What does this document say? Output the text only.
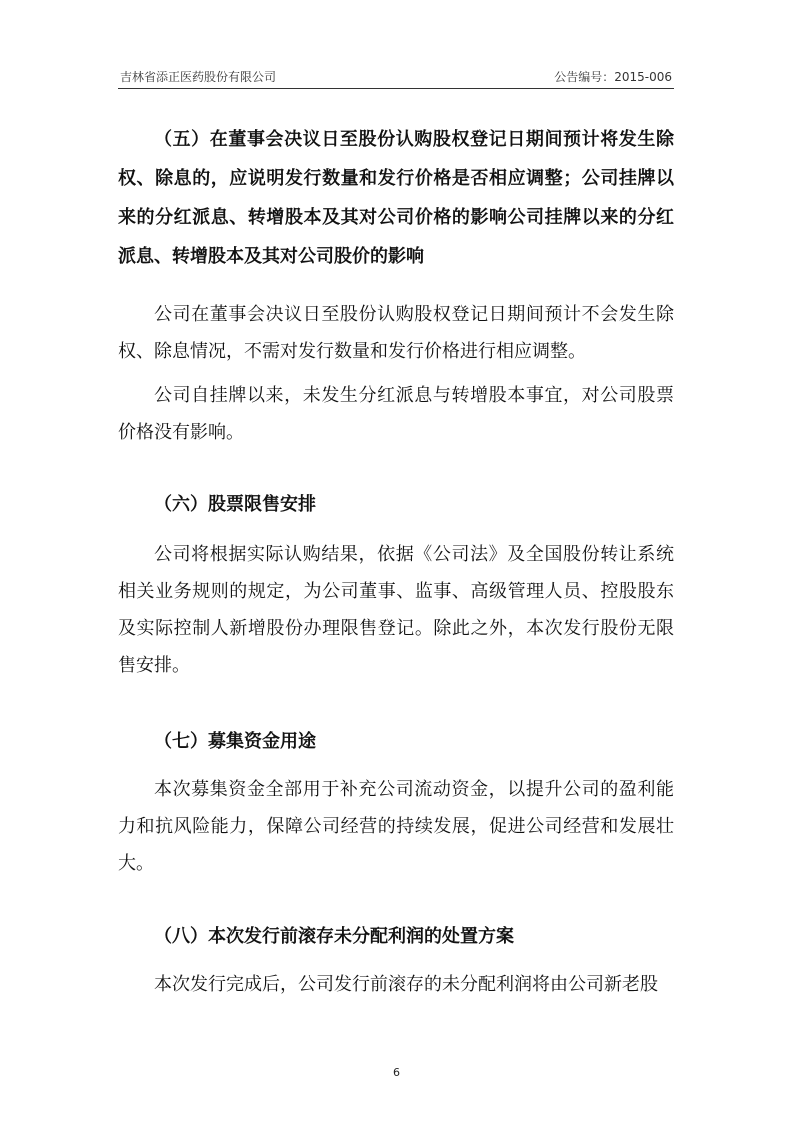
吉林省添正医药股份有限公司	公告编号：2015-006

（五）在董事会决议日至股份认购股权登记日期间预计将发生除权、除息的，应说明发行数量和发行价格是否相应调整；公司挂牌以来的分红派息、转增股本及其对公司价格的影响公司挂牌以来的分红派息、转增股本及其对公司股价的影响

公司在董事会决议日至股份认购股权登记日期间预计不会发生除权、除息情况，不需对发行数量和发行价格进行相应调整。

公司自挂牌以来，未发生分红派息与转增股本事宜，对公司股票价格没有影响。

（六）股票限售安排

公司将根据实际认购结果，依据《公司法》及全国股份转让系统相关业务规则的规定，为公司董事、监事、高级管理人员、控股股东及实际控制人新增股份办理限售登记。除此之外，本次发行股份无限售安排。

（七）募集资金用途

本次募集资金全部用于补充公司流动资金，以提升公司的盈利能力和抗风险能力，保障公司经营的持续发展，促进公司经营和发展壮大。

（八）本次发行前滚存未分配利润的处置方案

本次发行完成后，公司发行前滚存的未分配利润将由公司新老股

6
